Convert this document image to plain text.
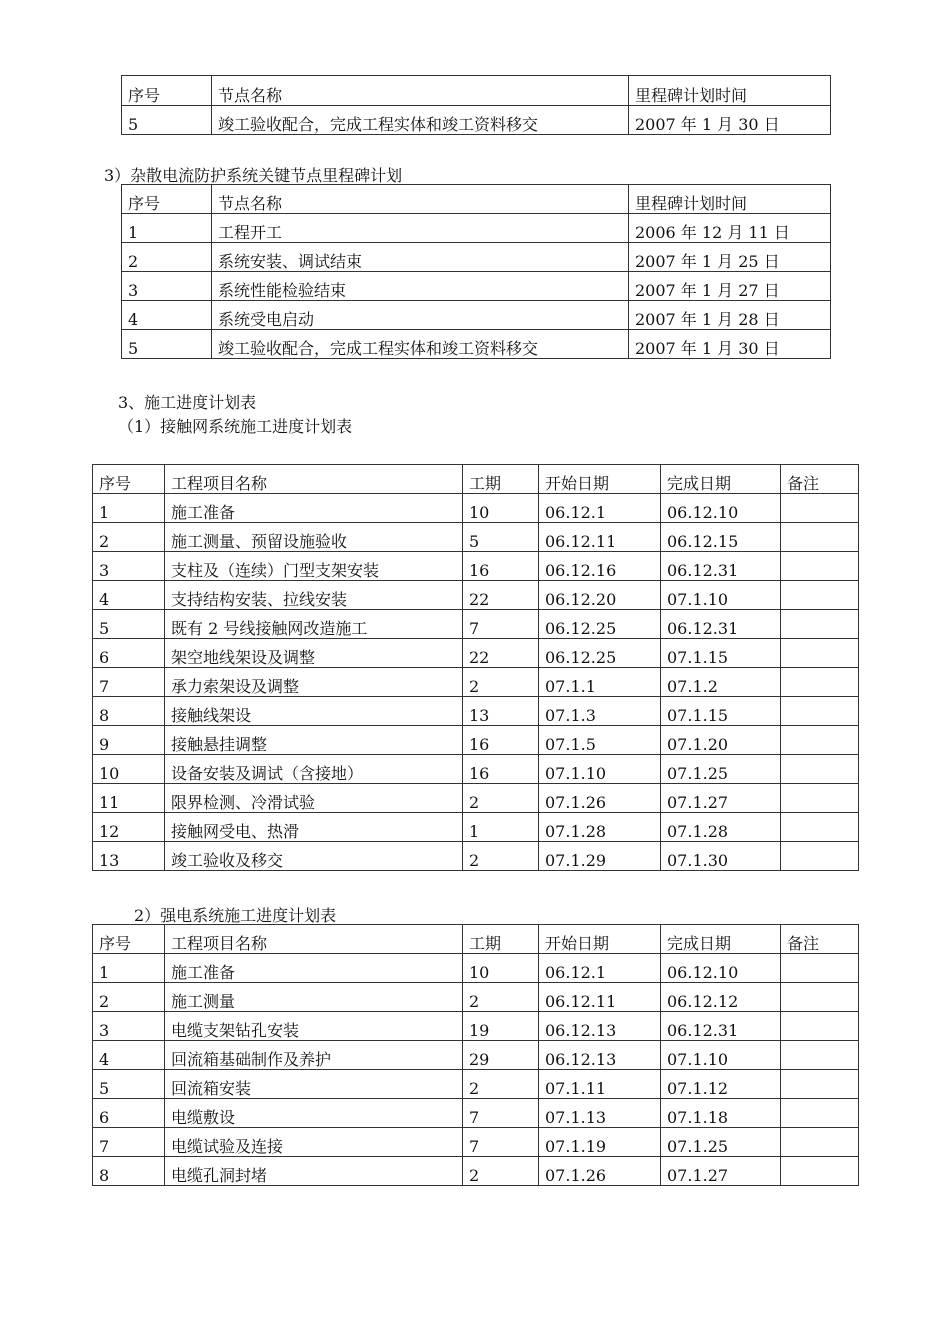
序号	节点名称	里程碑计划时间
5	竣工验收配合，完成工程实体和竣工资料移交	2007 年 1 月 30 日
3）杂散电流防护系统关键节点里程碑计划
序号	节点名称	里程碑计划时间
1	工程开工	2006 年 12 月 11 日
2	系统安装、调试结束	2007 年 1 月 25 日
3	系统性能检验结束	2007 年 1 月 27 日
4	系统受电启动	2007 年 1 月 28 日
5	竣工验收配合，完成工程实体和竣工资料移交	2007 年 1 月 30 日
3、施工进度计划表
（1）接触网系统施工进度计划表
序号	工程项目名称	工期	开始日期	完成日期	备注
1	施工准备	10	06.12.1	06.12.10	
2	施工测量、预留设施验收	5	06.12.11	06.12.15	
3	支柱及（连续）门型支架安装	16	06.12.16	06.12.31	
4	支持结构安装、拉线安装	22	06.12.20	07.1.10	
5	既有 2 号线接触网改造施工	7	06.12.25	06.12.31	
6	架空地线架设及调整	22	06.12.25	07.1.15	
7	承力索架设及调整	2	07.1.1	07.1.2	
8	接触线架设	13	07.1.3	07.1.15	
9	接触悬挂调整	16	07.1.5	07.1.20	
10	设备安装及调试（含接地）	16	07.1.10	07.1.25	
11	限界检测、冷滑试验	2	07.1.26	07.1.27	
12	接触网受电、热滑	1	07.1.28	07.1.28	
13	竣工验收及移交	2	07.1.29	07.1.30	
2）强电系统施工进度计划表
序号	工程项目名称	工期	开始日期	完成日期	备注
1	施工准备	10	06.12.1	06.12.10	
2	施工测量	2	06.12.11	06.12.12	
3	电缆支架钻孔安装	19	06.12.13	06.12.31	
4	回流箱基础制作及养护	29	06.12.13	07.1.10	
5	回流箱安装	2	07.1.11	07.1.12	
6	电缆敷设	7	07.1.13	07.1.18	
7	电缆试验及连接	7	07.1.19	07.1.25	
8	电缆孔洞封堵	2	07.1.26	07.1.27	
